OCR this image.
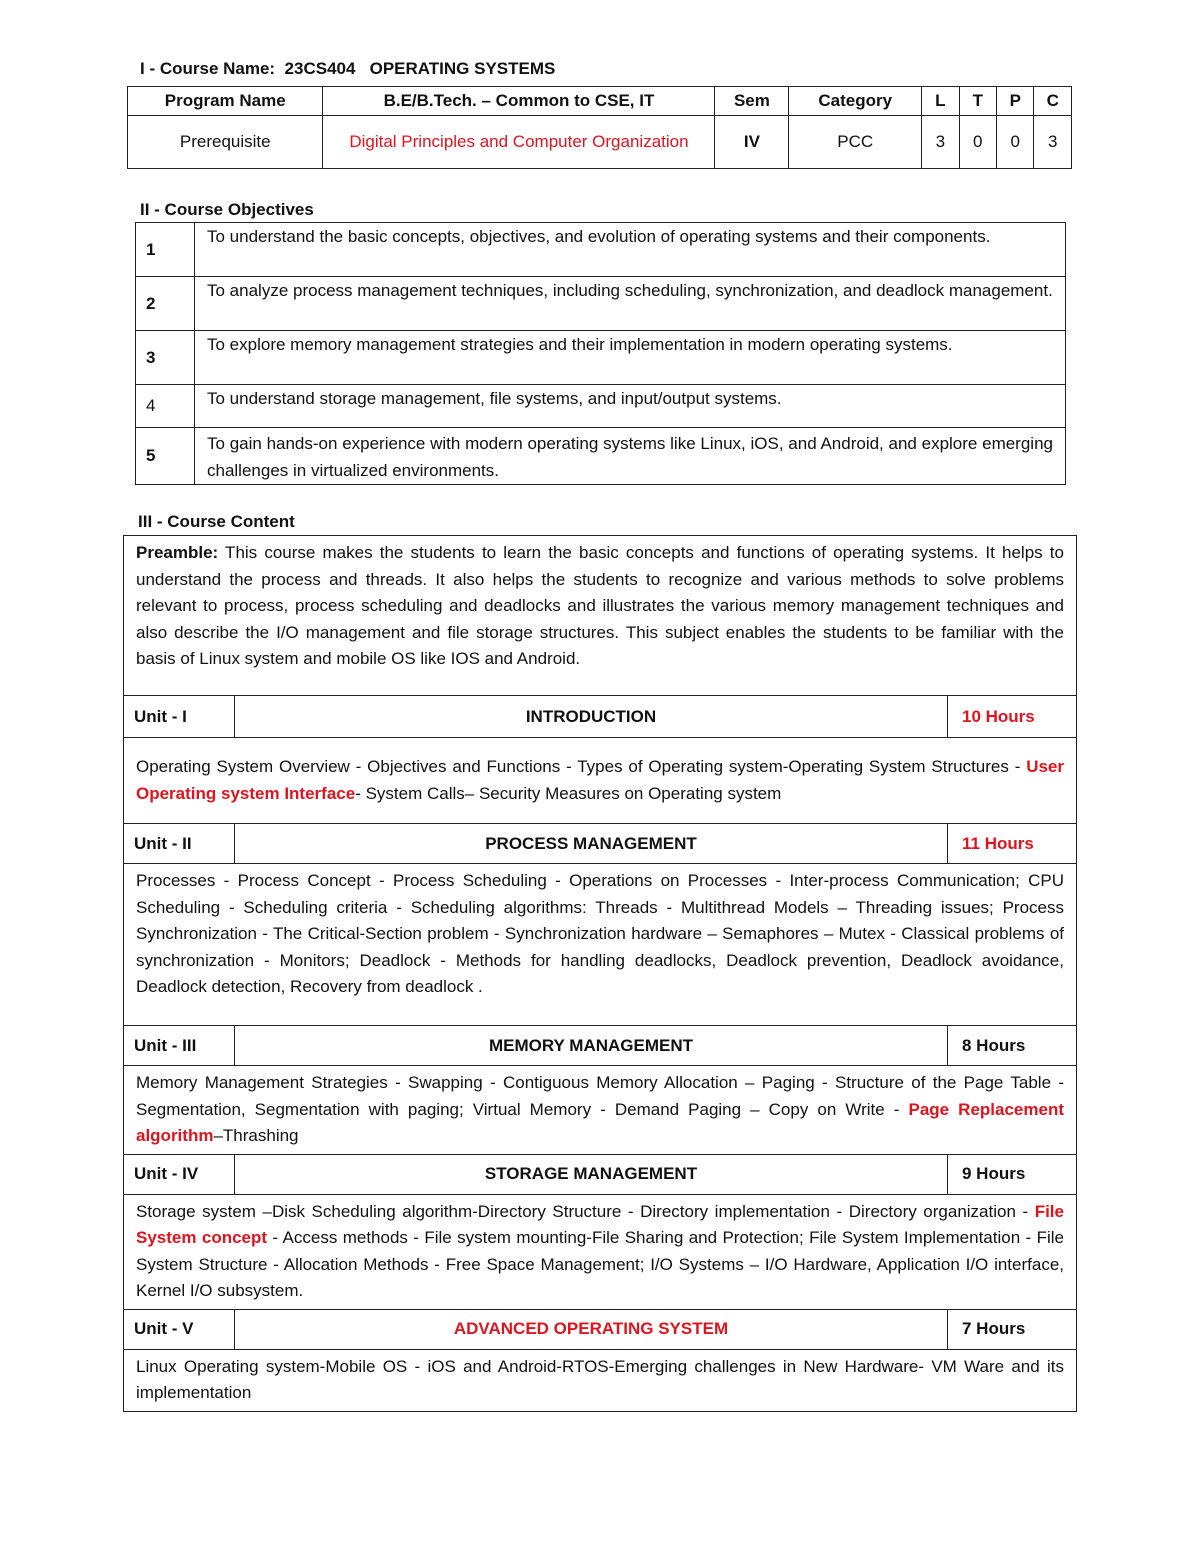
I - Course Name: 23CS404 OPERATING SYSTEMS
Program Name	B.E/B.Tech. – Common to CSE, IT	Sem	Category	L	T	P	C
Prerequisite	Digital Principles and Computer Organization	IV	PCC	3	0	0	3
II - Course Objectives
1	To understand the basic concepts, objectives, and evolution of operating systems and their components.
2	To analyze process management techniques, including scheduling, synchronization, and deadlock management.
3	To explore memory management strategies and their implementation in modern operating systems.
4	To understand storage management, file systems, and input/output systems.
5	To gain hands-on experience with modern operating systems like Linux, iOS, and Android, and explore emerging challenges in virtualized environments.
III - Course Content
Preamble: This course makes the students to learn the basic concepts and functions of operating systems. It helps to understand the process and threads. It also helps the students to recognize and various methods to solve problems relevant to process, process scheduling and deadlocks and illustrates the various memory management techniques and also describe the I/O management and file storage structures. This subject enables the students to be familiar with the basis of Linux system and mobile OS like IOS and Android.		
Unit - I	INTRODUCTION	10 Hours
Operating System Overview - Objectives and Functions - Types of Operating system-Operating System Structures - User Operating system Interface- System Calls– Security Measures on Operating system		
Unit - II	PROCESS MANAGEMENT	11 Hours
Processes - Process Concept - Process Scheduling - Operations on Processes - Inter-process Communication; CPU Scheduling - Scheduling criteria - Scheduling algorithms: Threads - Multithread Models – Threading issues; Process Synchronization - The Critical-Section problem - Synchronization hardware – Semaphores – Mutex - Classical problems of synchronization - Monitors; Deadlock - Methods for handling deadlocks, Deadlock prevention, Deadlock avoidance, Deadlock detection, Recovery from deadlock .		
Unit - III	MEMORY MANAGEMENT	8 Hours
Memory Management Strategies - Swapping - Contiguous Memory Allocation – Paging - Structure of the Page Table - Segmentation, Segmentation with paging; Virtual Memory - Demand Paging – Copy on Write - Page Replacement algorithm–Thrashing		
Unit - IV	STORAGE MANAGEMENT	9 Hours
Storage system –Disk Scheduling algorithm-Directory Structure - Directory implementation - Directory organization - File System concept - Access methods - File system mounting-File Sharing and Protection; File System Implementation - File System Structure - Allocation Methods - Free Space Management; I/O Systems – I/O Hardware, Application I/O interface, Kernel I/O subsystem.		
Unit - V	ADVANCED OPERATING SYSTEM	7 Hours
Linux Operating system-Mobile OS - iOS and Android-RTOS-Emerging challenges in New Hardware- VM Ware and its implementation		
